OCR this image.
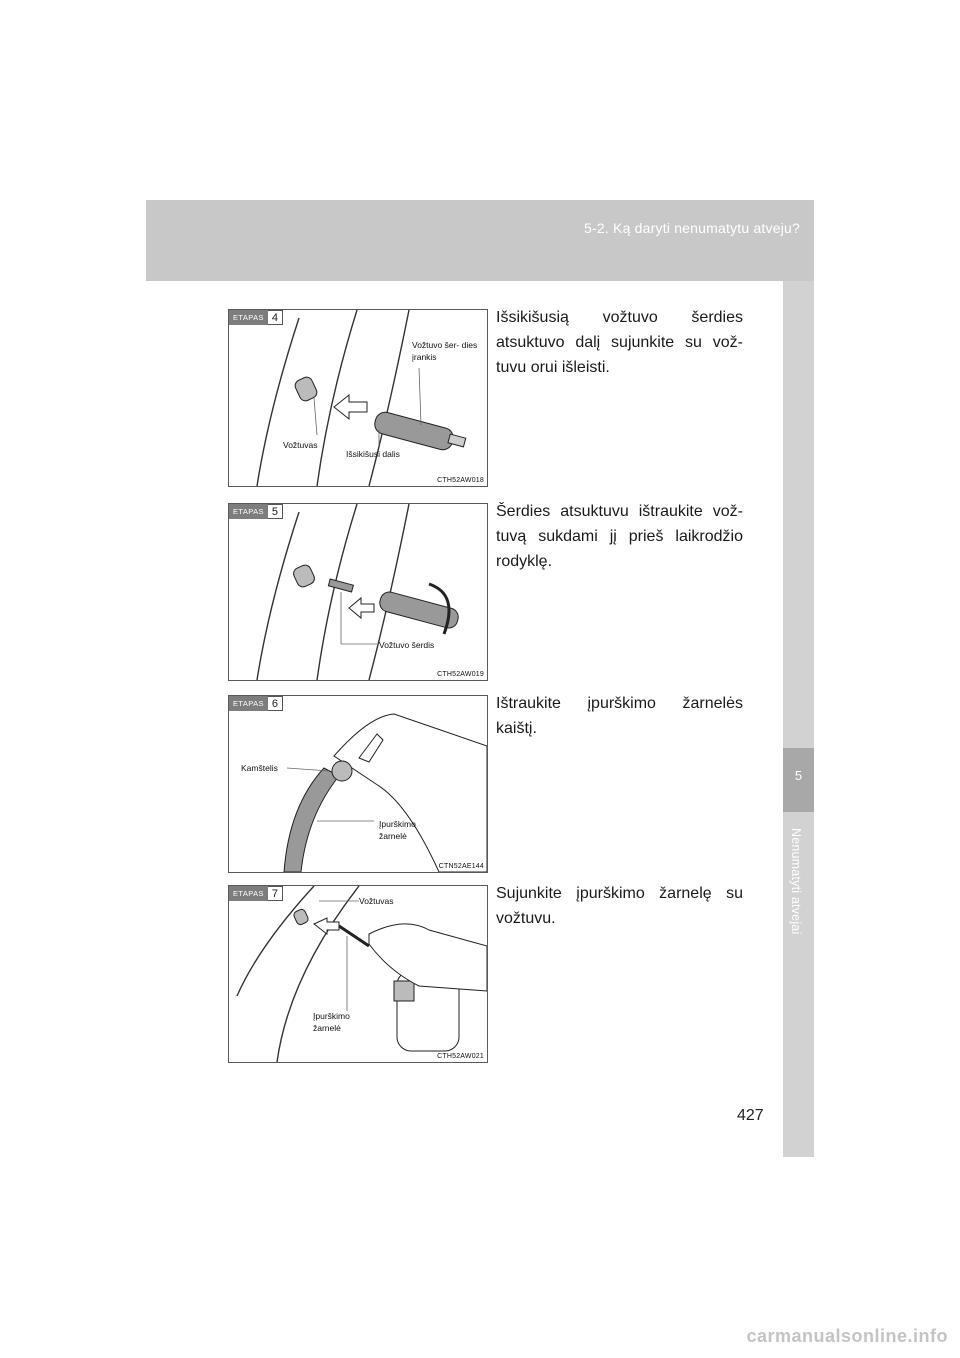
5-2. Ką daryti nenumatytu atveju?
5
Nenumatyti atvejai
ETAPAS 4
Vožtuvo šer- dies įrankis
Vožtuvas
Išsikišusi dalis
CTH52AW018
Išsikišusią vožtuvo šerdies atsuktuvo dalį sujunkite su vož- tuvu orui išleisti.
ETAPAS 5
Vožtuvo šerdis
CTH52AW019
Šerdies atsuktuvu ištraukite vož- tuvą sukdami jį prieš laikrodžio rodyklę.
ETAPAS 6
Kamštelis
Įpurškimo žarnelė
CTN52AE144
Ištraukite įpurškimo žarnelės kaištį.
ETAPAS 7
Vožtuvas
Įpurškimo žarnelė
CTH52AW021
Sujunkite įpurškimo žarnelę su vožtuvu.
427
carmanualsonline.info
